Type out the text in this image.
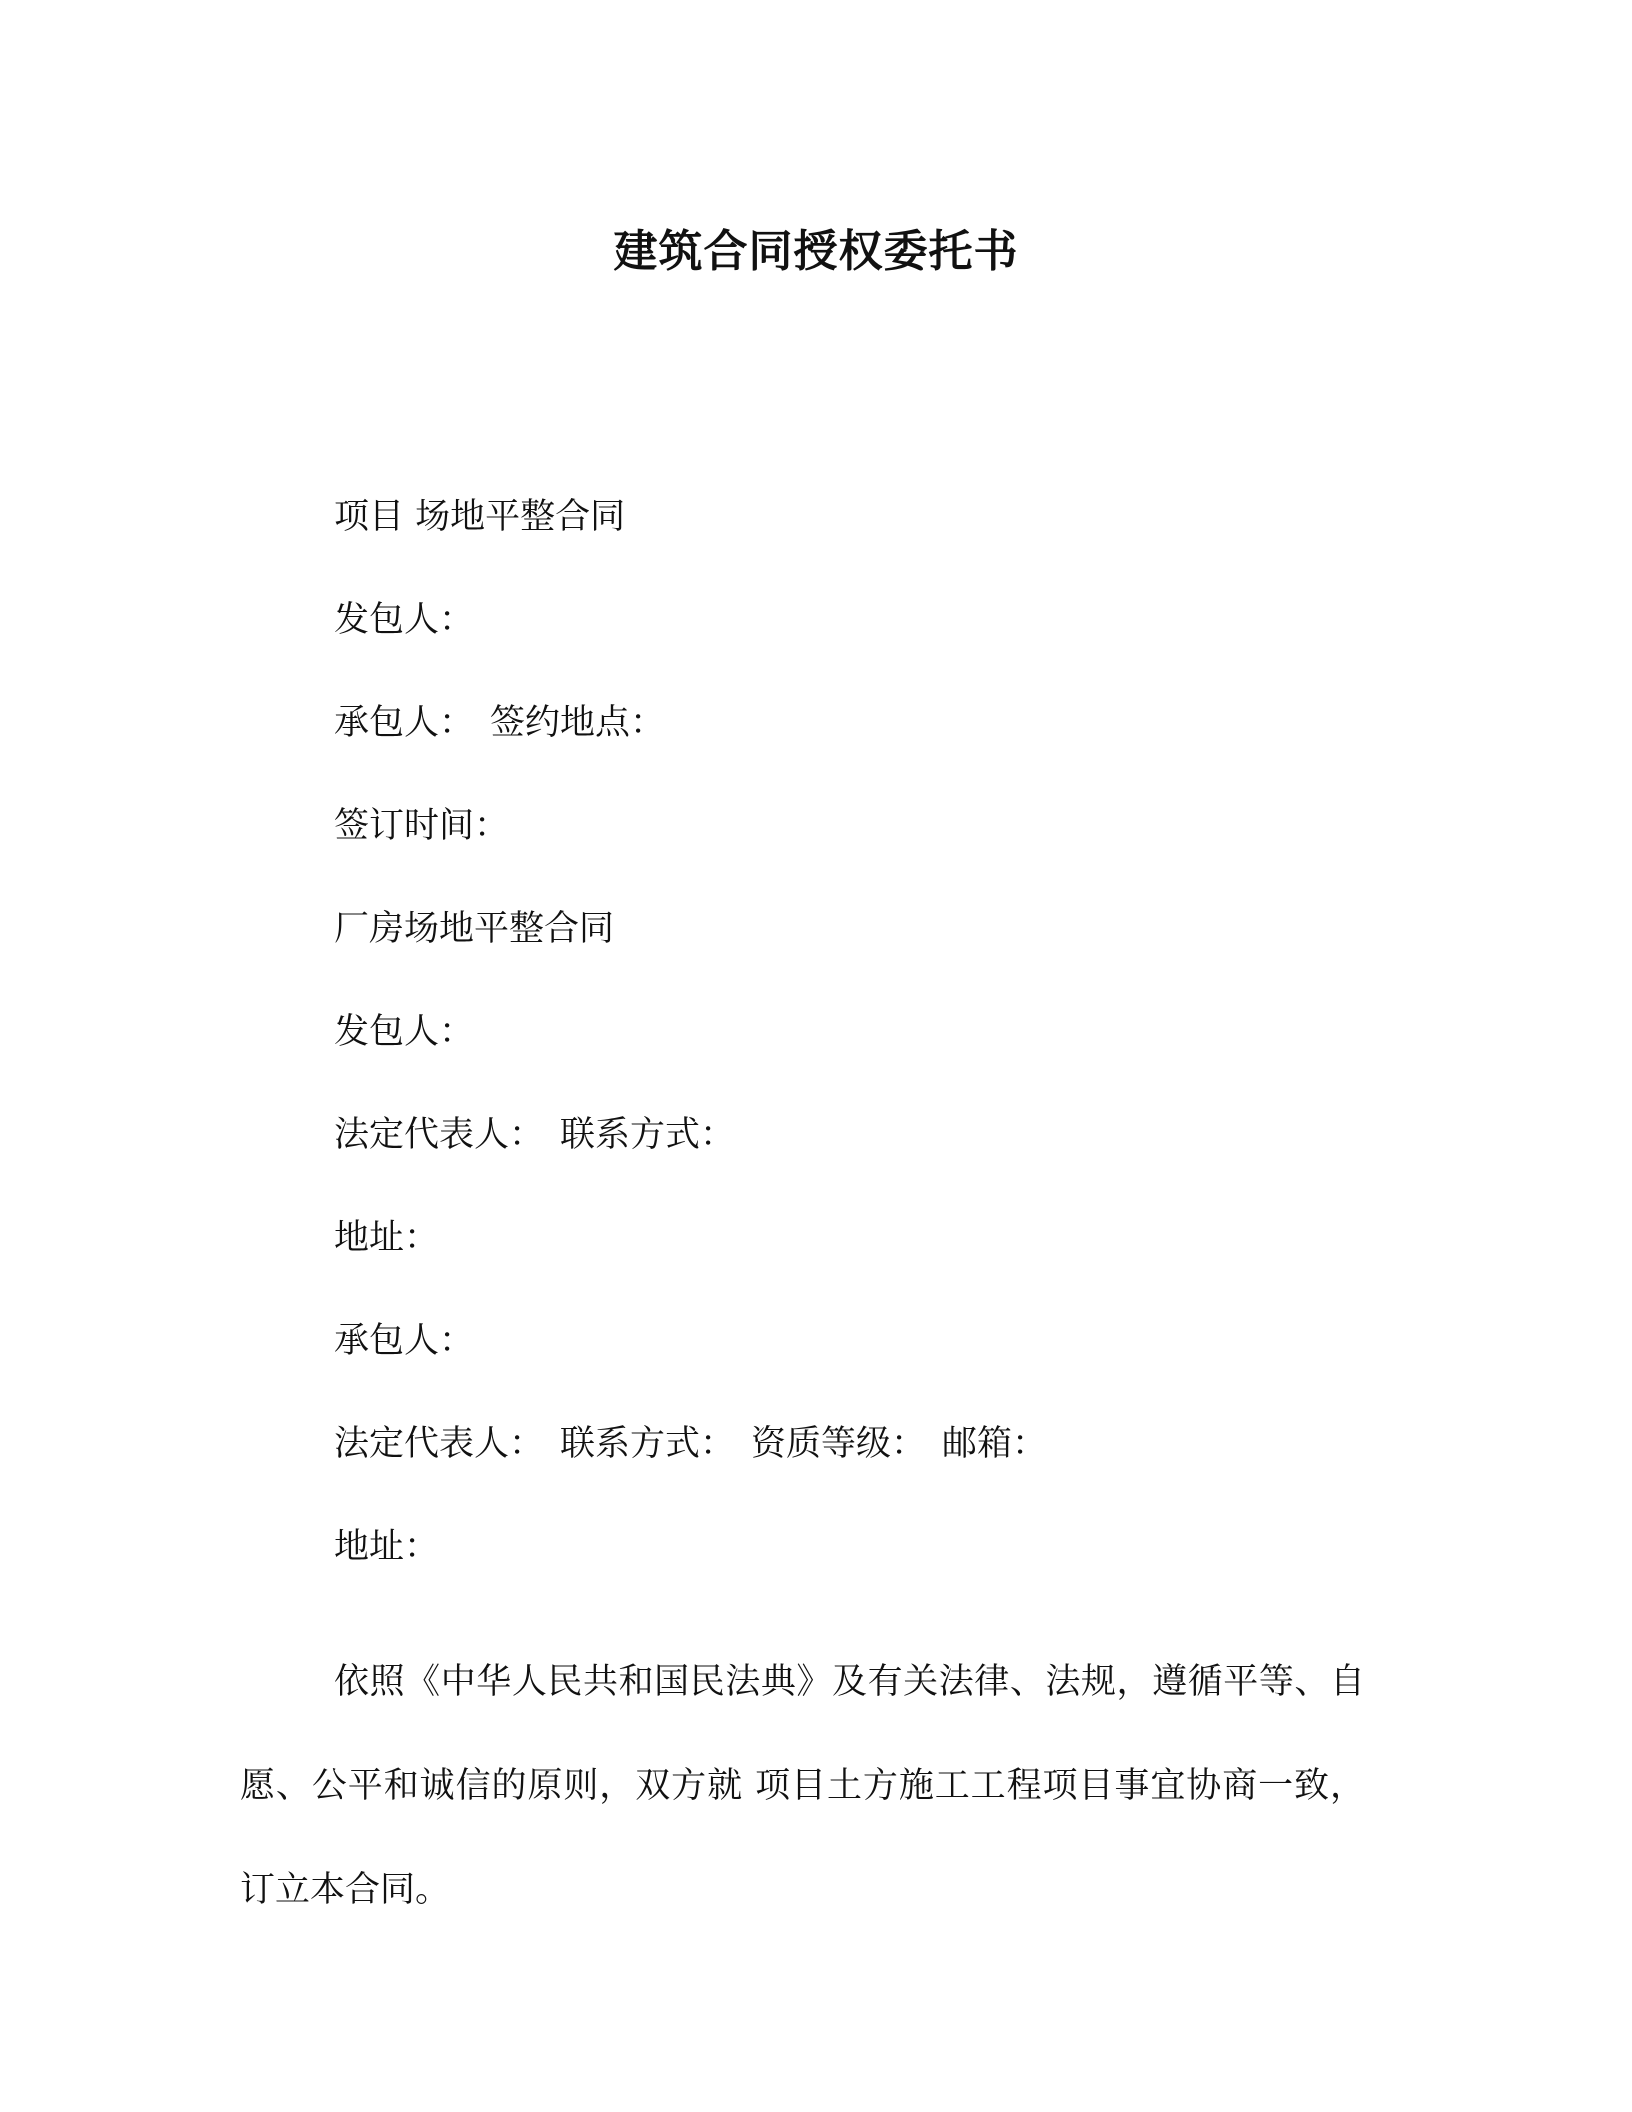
建筑合同授权委托书
项目 场地平整合同
发包人：
承包人： 签约地点：
签订时间：
厂房场地平整合同
发包人：
法定代表人： 联系方式：
地址：
承包人：
法定代表人： 联系方式： 资质等级： 邮箱：
地址：

依照《中华人民共和国民法典》及有关法律、法规，遵循平等、自愿、公平和诚信的原则，双方就 项目土方施工工程项目事宜协商一致，订立本合同。
